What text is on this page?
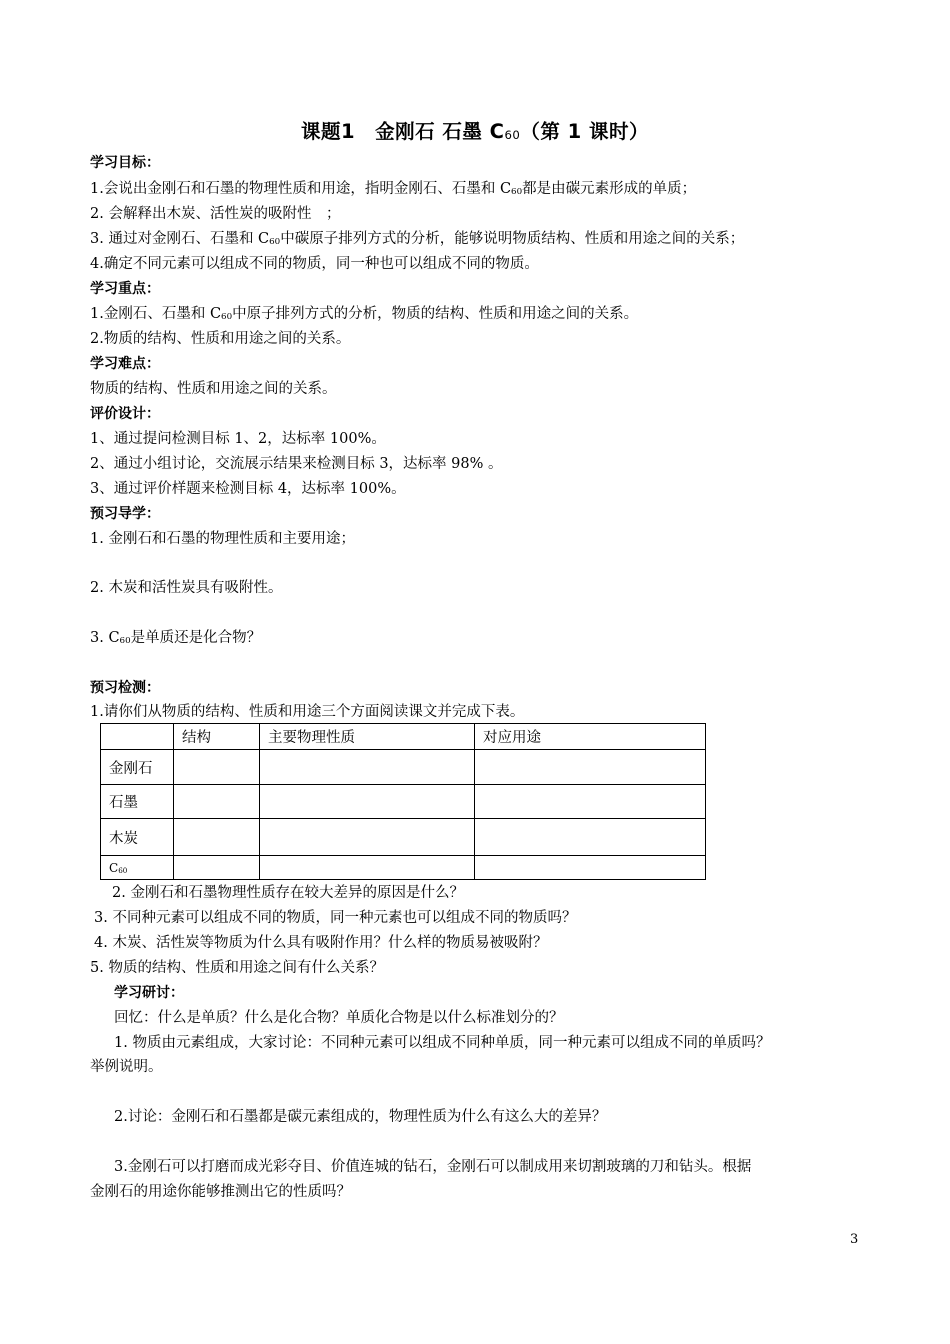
课题1　金刚石 石墨 $C_{60}$（第 1 课时）
学习目标：
1.会说出金刚石和石墨的物理性质和用途，指明金刚石、石墨和 $C_{60}$都是由碳元素形成的单质；
2. 会解释出木炭、活性炭的吸附性　；
3. 通过对金刚石、石墨和 $C_{60}$中碳原子排列方式的分析，能够说明物质结构、性质和用途之间的关系；
4.确定不同元素可以组成不同的物质，同一种也可以组成不同的物质。
学习重点：
1.金刚石、石墨和 $C_{60}$中原子排列方式的分析，物质的结构、性质和用途之间的关系。
2.物质的结构、性质和用途之间的关系。
学习难点：
物质的结构、性质和用途之间的关系。
评价设计：
1、通过提问检测目标 1、2，达标率 100%。
2、通过小组讨论，交流展示结果来检测目标 3，达标率 98% 。
3、通过评价样题来检测目标 4，达标率 100%。
预习导学：
1. 金刚石和石墨的物理性质和主要用途；
2. 木炭和活性炭具有吸附性。
3. $C_{60}$是单质还是化合物？
预习检测：
1.请你们从物质的结构、性质和用途三个方面阅读课文并完成下表。
	结构	主要物理性质	对应用途
金刚石			
石墨			
木炭			
$C_{60}$			
2. 金刚石和石墨物理性质存在较大差异的原因是什么？
3. 不同种元素可以组成不同的物质，同一种元素也可以组成不同的物质吗？
4. 木炭、活性炭等物质为什么具有吸附作用？什么样的物质易被吸附？
5. 物质的结构、性质和用途之间有什么关系？
学习研讨：
回忆：什么是单质？什么是化合物？单质化合物是以什么标准划分的？
1. 物质由元素组成，大家讨论：不同种元素可以组成不同种单质，同一种元素可以组成不同的单质吗？
举例说明。
2.讨论：金刚石和石墨都是碳元素组成的，物理性质为什么有这么大的差异？
3.金刚石可以打磨而成光彩夺目、价值连城的钻石，金刚石可以制成用来切割玻璃的刀和钻头。根据
金刚石的用途你能够推测出它的性质吗？
3
